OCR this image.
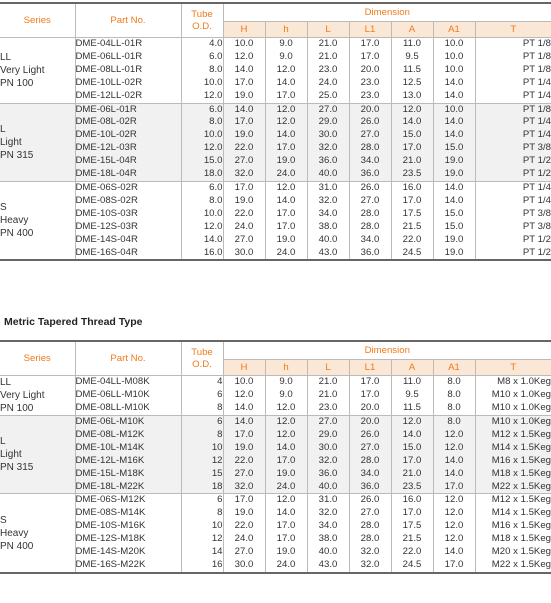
Series	Part No.	Tube
O.D.	Dimension						
			H	h	L	L1	A	A1	T

LL
Very Light
PN 100	DME-04LL-01R	4.0	10.0	9.0	21.0	17.0	11.0	10.0	PT 1/8
	DME-06LL-01R	6.0	12.0	9.0	21.0	17.0	9.5	10.0	PT 1/8
	DME-08LL-01R	8.0	14.0	12.0	23.0	20.0	11.5	10.0	PT 1/8
	DME-10LL-02R	10.0	17.0	14.0	24.0	23.0	12.5	14.0	PT 1/4
	DME-12LL-02R	12.0	19.0	17.0	25.0	23.0	13.0	14.0	PT 1/4

L
Light
PN 315	DME-06L-01R	6.0	14.0	12.0	27.0	20.0	12.0	10.0	PT 1/8
	DME-08L-02R	8.0	17.0	12.0	29.0	26.0	14.0	14.0	PT 1/4
	DME-10L-02R	10.0	19.0	14.0	30.0	27.0	15.0	14.0	PT 1/4
	DME-12L-03R	12.0	22.0	17.0	32.0	28.0	17.0	15.0	PT 3/8
	DME-15L-04R	15.0	27.0	19.0	36.0	34.0	21.0	19.0	PT 1/2
	DME-18L-04R	18.0	32.0	24.0	40.0	36.0	23.5	19.0	PT 1/2

S
Heavy
PN 400	DME-06S-02R	6.0	17.0	12.0	31.0	26.0	16.0	14.0	PT 1/4
	DME-08S-02R	8.0	19.0	14.0	32.0	27.0	17.0	14.0	PT 1/4
	DME-10S-03R	10.0	22.0	17.0	34.0	28.0	17.5	15.0	PT 3/8
	DME-12S-03R	12.0	24.0	17.0	38.0	28.0	21.5	15.0	PT 3/8
	DME-14S-04R	14.0	27.0	19.0	40.0	34.0	22.0	19.0	PT 1/2
	DME-16S-04R	16.0	30.0	24.0	43.0	36.0	24.5	19.0	PT 1/2
Metric Tapered Thread Type
Series	Part No.	Tube
O.D.	Dimension						
			H	h	L	L1	A	A1	T

LL
Very Light
PN 100	DME-04LL-M08K	4	10.0	9.0	21.0	17.0	11.0	8.0	M8 x 1.0Keg
	DME-06LL-M10K	6	12.0	9.0	21.0	17.0	9.5	8.0	M10 x 1.0Keg
	DME-08LL-M10K	8	14.0	12.0	23.0	20.0	11.5	8.0	M10 x 1.0Keg

L
Light
PN 315	DME-06L-M10K	6	14.0	12.0	27.0	20.0	12.0	8.0	M10 x 1.0Keg
	DME-08L-M12K	8	17.0	12.0	29.0	26.0	14.0	12.0	M12 x 1.5Keg
	DME-10L-M14K	10	19.0	14.0	30.0	27.0	15.0	12.0	M14 x 1.5Keg
	DME-12L-M16K	12	22.0	17.0	32.0	28.0	17.0	14.0	M16 x 1.5Keg
	DME-15L-M18K	15	27.0	19.0	36.0	34.0	21.0	14.0	M18 x 1.5Keg
	DME-18L-M22K	18	32.0	24.0	40.0	36.0	23.5	17.0	M22 x 1.5Keg

S
Heavy
PN 400	DME-06S-M12K	6	17.0	12.0	31.0	26.0	16.0	12.0	M12 x 1.5Keg
	DME-08S-M14K	8	19.0	14.0	32.0	27.0	17.0	12.0	M14 x 1.5Keg
	DME-10S-M16K	10	22.0	17.0	34.0	28.0	17.5	12.0	M16 x 1.5Keg
	DME-12S-M18K	12	24.0	17.0	38.0	28.0	21.5	12.0	M18 x 1.5Keg
	DME-14S-M20K	14	27.0	19.0	40.0	32.0	22.0	14.0	M20 x 1.5Keg
	DME-16S-M22K	16	30.0	24.0	43.0	32.0	24.5	17.0	M22 x 1.5Keg
